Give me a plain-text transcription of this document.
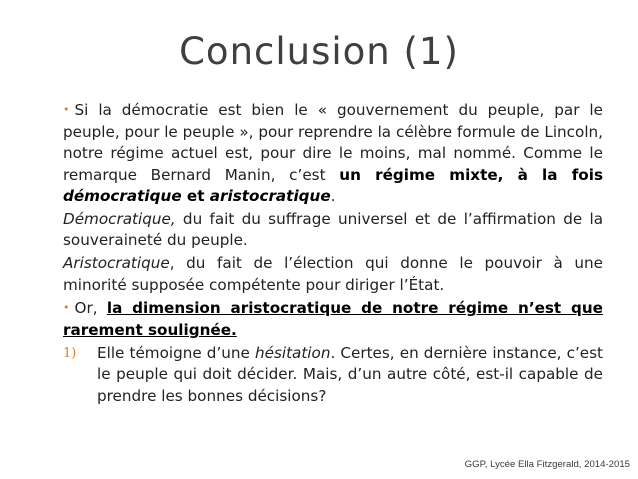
Conclusion (1)

• Si la démocratie est bien le « gouvernement du peuple, par le peuple, pour le peuple », pour reprendre la célèbre formule de Lincoln, notre régime actuel est, pour dire le moins, mal nommé. Comme le remarque Bernard Manin, c’est un régime mixte, à la fois démocratique et aristocratique.

Démocratique, du fait du suffrage universel et de l’affirmation de la souveraineté du peuple.

Aristocratique, du fait de l’élection qui donne le pouvoir à une minorité supposée compétente pour diriger l’État.

• Or, la dimension aristocratique de notre régime n’est que rarement soulignée.

1)	Elle témoigne d’une hésitation. Certes, en dernière instance, c’est le peuple qui doit décider. Mais, d’un autre côté, est-il capable de prendre les bonnes décisions?
GGP, Lycée Ella Fitzgerald, 2014-2015
